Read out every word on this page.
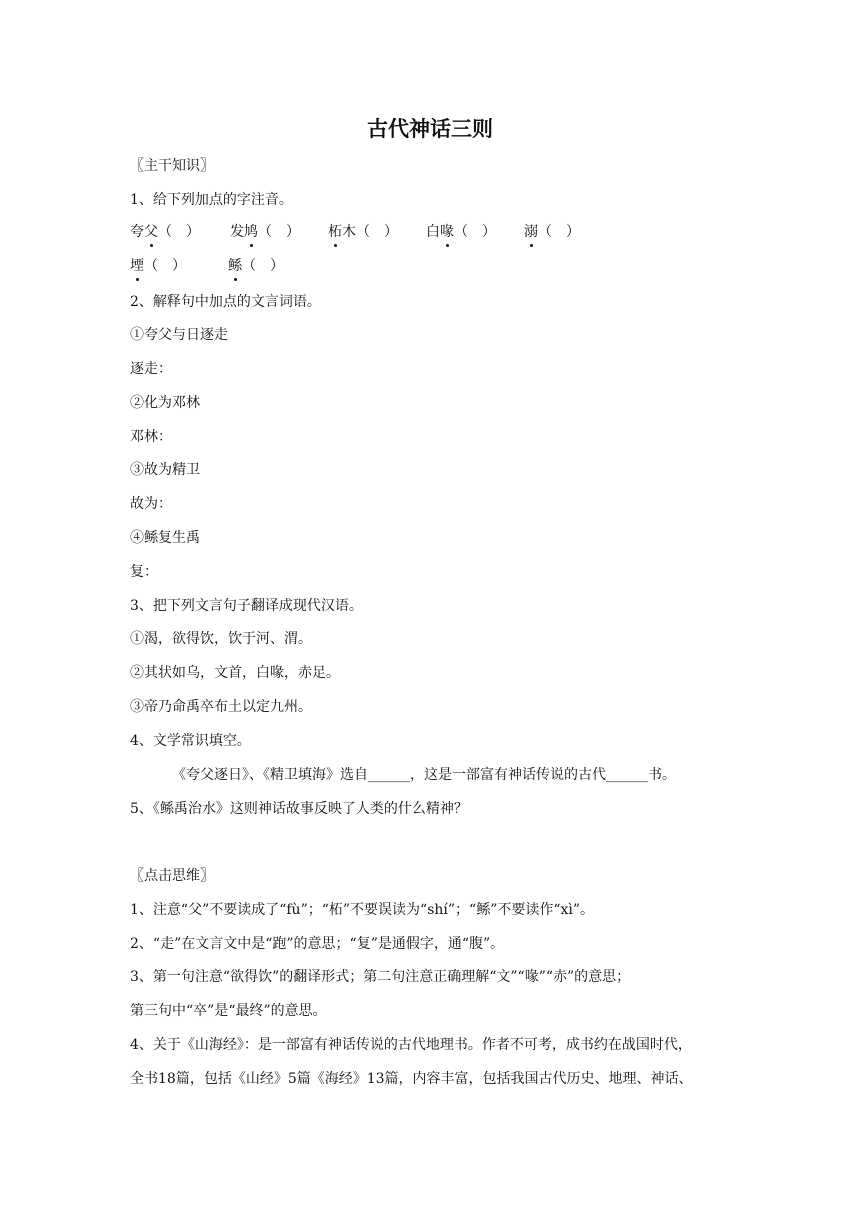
古代神话三则
〖主干知识〗
1、给下列加点的字注音。
夸父（　） 发鸠（　） 柘木（　） 白喙（　） 溺（　）
堙（　）	鲧（　）
2、解释句中加点的文言词语。
①夸父与日逐走
逐走：
②化为邓林
邓林：
③故为精卫
故为：
④鲧复生禹
复：
3、把下列文言句子翻译成现代汉语。
①渴，欲得饮，饮于河、渭。
②其状如乌，文首，白喙，赤足。
③帝乃命禹卒布土以定九州。
4、文学常识填空。
《夸父逐日》、《精卫填海》选自______，这是一部富有神话传说的古代______书。
5、《鲧禹治水》这则神话故事反映了人类的什么精神？
〖点击思维〗
1、注意“父”不要读成了“fù”；“柘”不要误读为“shí”；“鲧”不要读作“xì”。
2、“走”在文言文中是“跑”的意思；“复”是通假字，通“腹”。
3、第一句注意“欲得饮”的翻译形式；第二句注意正确理解“文”“喙”“赤”的意思；
第三句中“卒”是“最终”的意思。
4、关于《山海经》：是一部富有神话传说的古代地理书。作者不可考，成书约在战国时代，
全书18篇，包括《山经》5篇《海经》13篇，内容丰富，包括我国古代历史、地理、神话、
